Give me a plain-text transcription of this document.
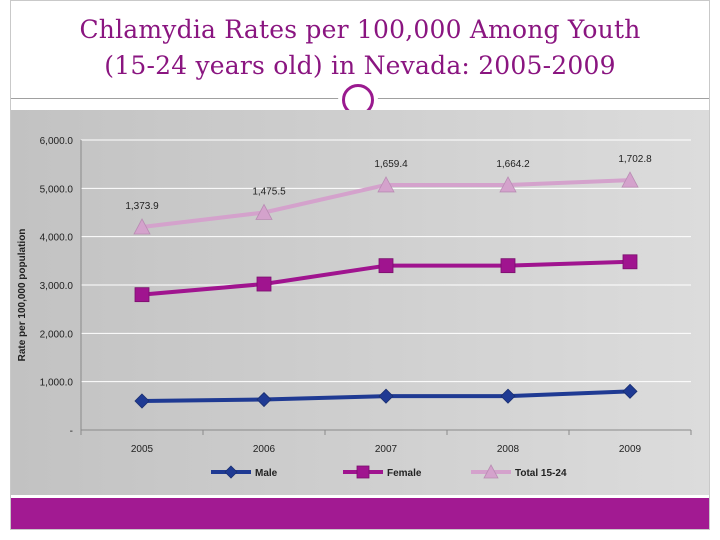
Chlamydia Rates per 100,000 Among Youth
(15-24 years old) in Nevada: 2005-2009
-
1,000.0
2,000.0
3,000.0
4,000.0
5,000.0
6,000.0
2005	2006	2007	2008	2009
1,373.9
1,475.5
1,659.4	1,664.2	1,702.8
Rate per 100,000 population
Male	Female	Total 15-24
